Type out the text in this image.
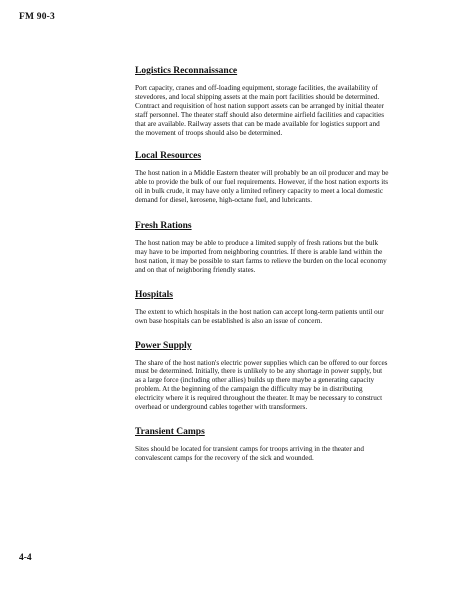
FM 90-3
Logistics Reconnaissance

Port capacity, cranes and off-loading equipment, storage facilities, the availability of stevedores, and local shipping assets at the main port facilities should be determined. Contract and requisition of host nation support assets can be arranged by initial theater staff personnel. The theater staff should also determine airfield facilities and capacities that are available. Railway assets that can be made available for logistics support and the movement of troops should also be determined.

Local Resources

The host nation in a Middle Eastern theater will probably be an oil producer and may be able to provide the bulk of our fuel requirements. However, if the host nation exports its oil in bulk crude, it may have only a limited refinery capacity to meet a local domestic demand for diesel, kerosene, high-octane fuel, and lubricants.

Fresh Rations

The host nation may be able to produce a limited supply of fresh rations but the bulk may have to be imported from neighboring countries. If there is arable land within the host nation, it may be possible to start farms to relieve the burden on the local economy and on that of neighboring friendly states.

Hospitals

The extent to which hospitals in the host nation can accept long-term patients until our own base hospitals can be established is also an issue of concern.

Power Supply

The share of the host nation's electric power supplies which can be offered to our forces must be determined. Initially, there is unlikely to be any shortage in power supply, but as a large force (including other allies) builds up there maybe a generating capacity problem. At the beginning of the campaign the difficulty may be in distributing electricity where it is required throughout the theater. It may be necessary to construct overhead or underground cables together with transformers.

Transient Camps

Sites should be located for transient camps for troops arriving in the theater and convalescent camps for the recovery of the sick and wounded.

4-4
